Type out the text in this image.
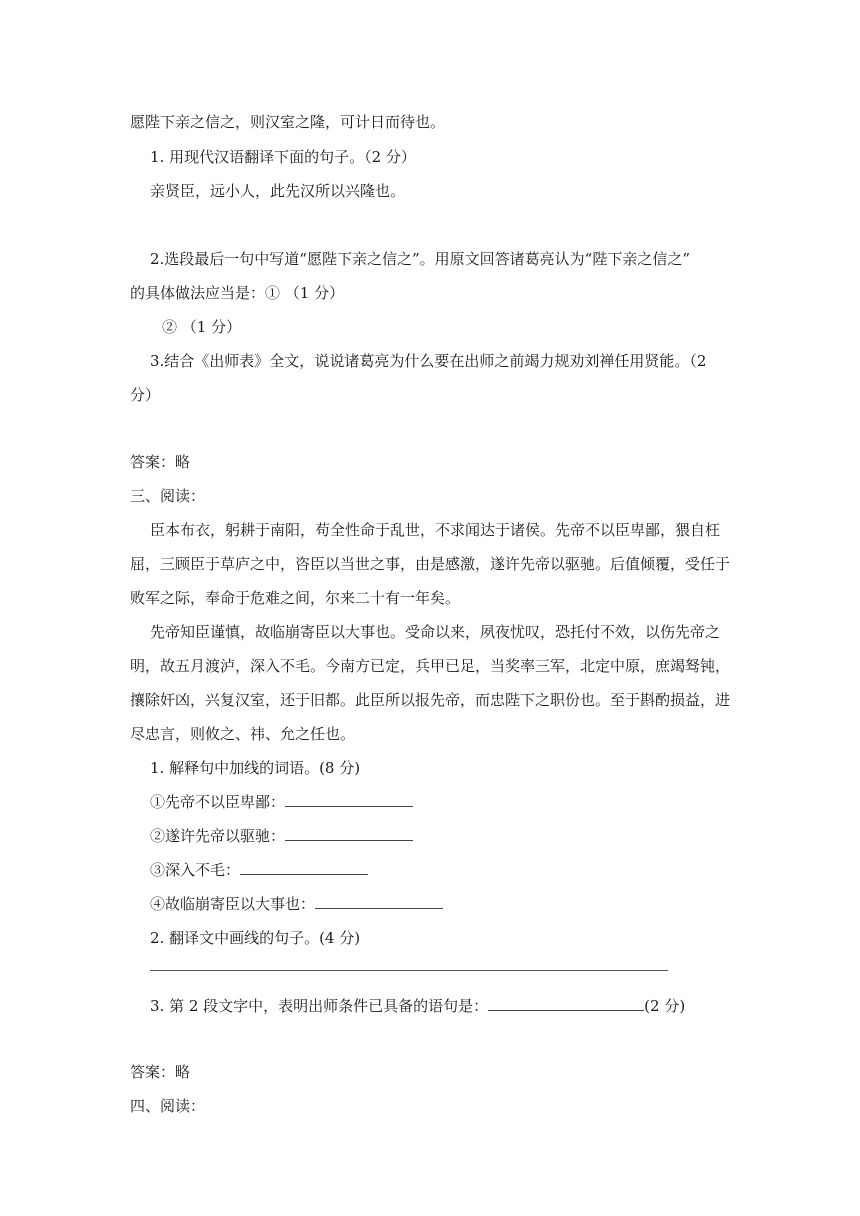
愿陛下亲之信之，则汉室之隆，可计日而待也。
1. 用现代汉语翻译下面的句子。（2 分）
亲贤臣，远小人，此先汉所以兴隆也。
2.选段最后一句中写道“愿陛下亲之信之”。用原文回答诸葛亮认为“陛下亲之信之”
的具体做法应当是：① （1 分）
② （1 分）
3.结合《出师表》全文，说说诸葛亮为什么要在出师之前竭力规劝刘禅任用贤能。（2
分）
答案：略
三、阅读：
臣本布衣，躬耕于南阳，苟全性命于乱世，不求闻达于诸侯。先帝不以臣卑鄙，猥自枉
屈，三顾臣于草庐之中，咨臣以当世之事，由是感激，遂许先帝以驱驰。后值倾覆，受任于
败军之际，奉命于危难之间，尔来二十有一年矣。
先帝知臣谨慎，故临崩寄臣以大事也。受命以来，夙夜忧叹，恐托付不效，以伤先帝之
明，故五月渡泸，深入不毛。今南方已定，兵甲已足，当奖率三军，北定中原，庶竭驽钝，
攘除奸凶，兴复汉室，还于旧都。此臣所以报先帝，而忠陛下之职份也。至于斟酌损益，进
尽忠言，则攸之、祎、允之任也。
1. 解释句中加线的词语。(8 分)
①先帝不以臣卑鄙：
②遂许先帝以驱驰：
③深入不毛：
④故临崩寄臣以大事也：
2. 翻译文中画线的句子。(4 分)
3. 第 2 段文字中，表明出师条件已具备的语句是：	(2 分)
答案：略
四、阅读：
